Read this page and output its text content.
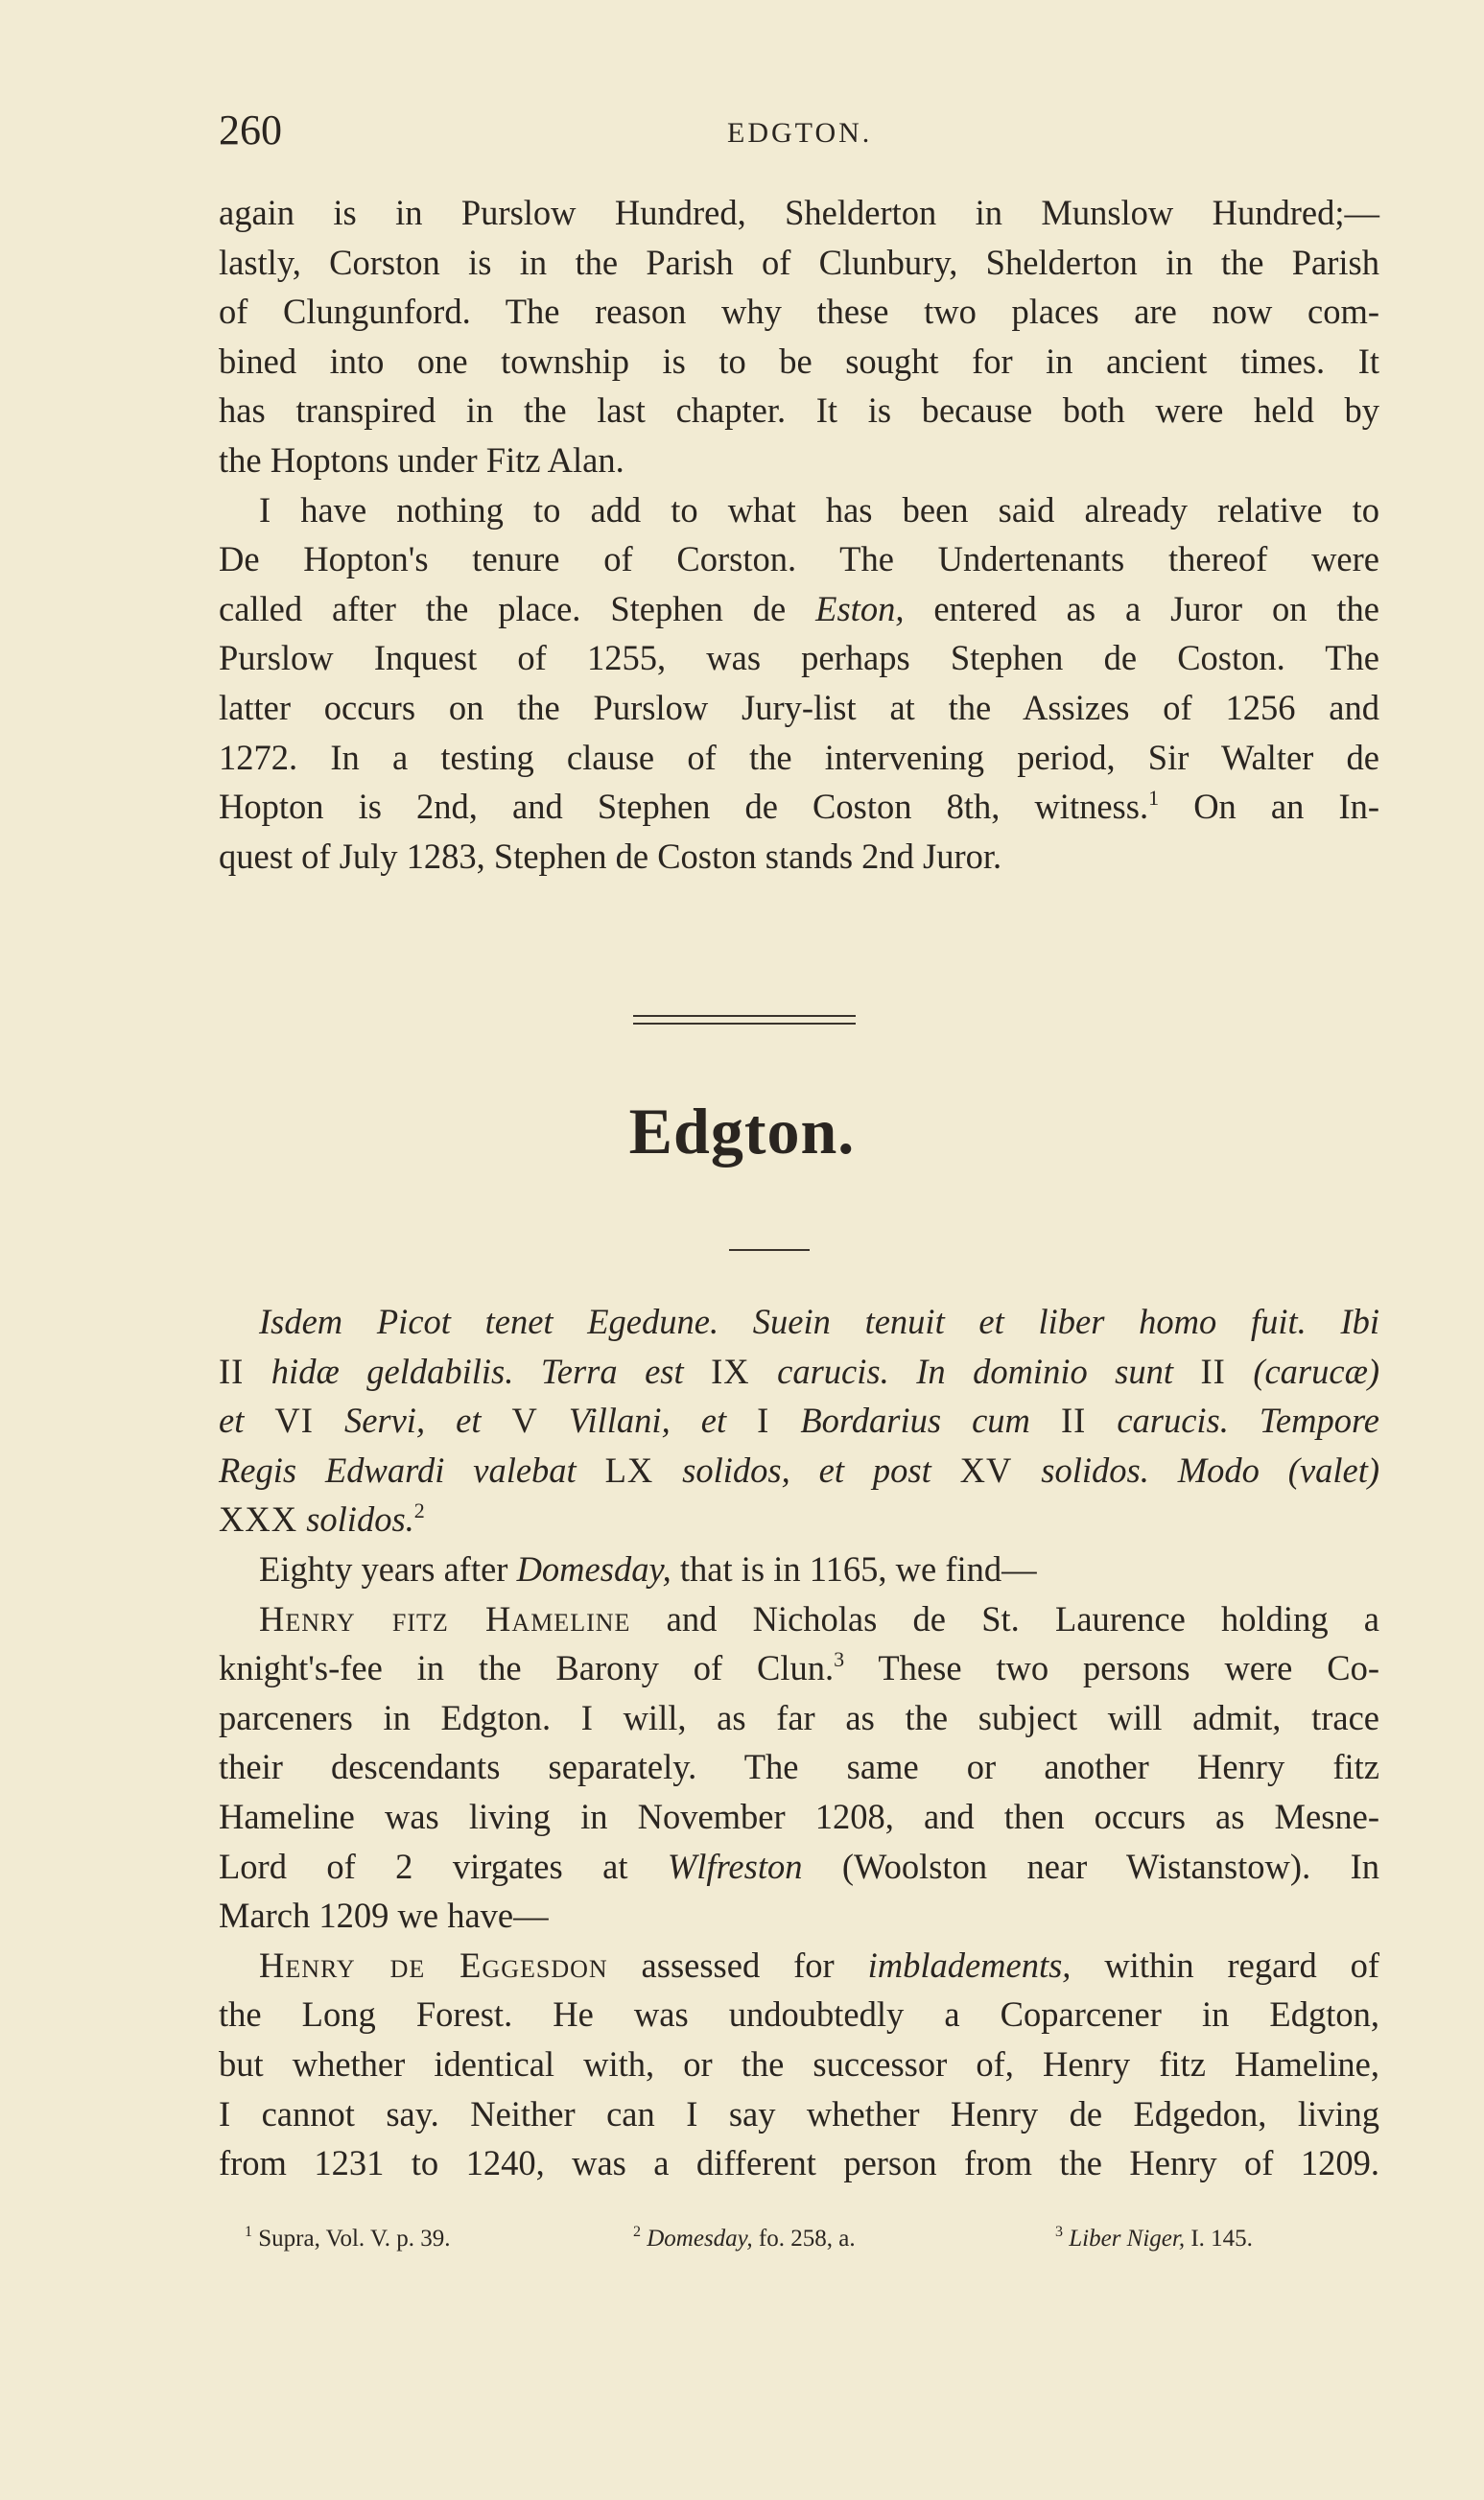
260	EDGTON.
again is in Purslow Hundred, Shelderton in Munslow Hundred;—
lastly, Corston is in the Parish of Clunbury, Shelderton in the Parish
of Clungunford. The reason why these two places are now com-
bined into one township is to be sought for in ancient times. It
has transpired in the last chapter. It is because both were held by
the Hoptons under Fitz Alan.
I have nothing to add to what has been said already relative to
De Hopton's tenure of Corston. The Undertenants thereof were
called after the place. Stephen de Eston, entered as a Juror on the
Purslow Inquest of 1255, was perhaps Stephen de Coston. The
latter occurs on the Purslow Jury-list at the Assizes of 1256 and
1272. In a testing clause of the intervening period, Sir Walter de
Hopton is 2nd, and Stephen de Coston 8th, witness.$^1$ On an In-
quest of July 1283, Stephen de Coston stands 2nd Juror.
Edgton.
Isdem Picot tenet Egedune. Suein tenuit et liber homo fuit. Ibi
II hidæ geldabilis. Terra est IX carucis. In dominio sunt II (carucæ)
et VI Servi, et V Villani, et I Bordarius cum II carucis. Tempore
Regis Edwardi valebat LX solidos, et post XV solidos. Modo (valet)
XXX solidos.$^2$
Eighty years after Domesday, that is in 1165, we find—
Henry fitz Hameline and Nicholas de St. Laurence holding a
knight's-fee in the Barony of Clun.$^3$ These two persons were Co-
parceners in Edgton. I will, as far as the subject will admit, trace
their descendants separately. The same or another Henry fitz
Hameline was living in November 1208, and then occurs as Mesne-
Lord of 2 virgates at Wlfreston (Woolston near Wistanstow). In
March 1209 we have—
Henry de Eggesdon assessed for imbladements, within regard of
the Long Forest. He was undoubtedly a Coparcener in Edgton,
but whether identical with, or the successor of, Henry fitz Hameline,
I cannot say. Neither can I say whether Henry de Edgedon, living
from 1231 to 1240, was a different person from the Henry of 1209.
$^1$ Supra, Vol. V. p. 39.	$^2$ Domesday, fo. 258, a.	$^3$ Liber Niger, I. 145.
